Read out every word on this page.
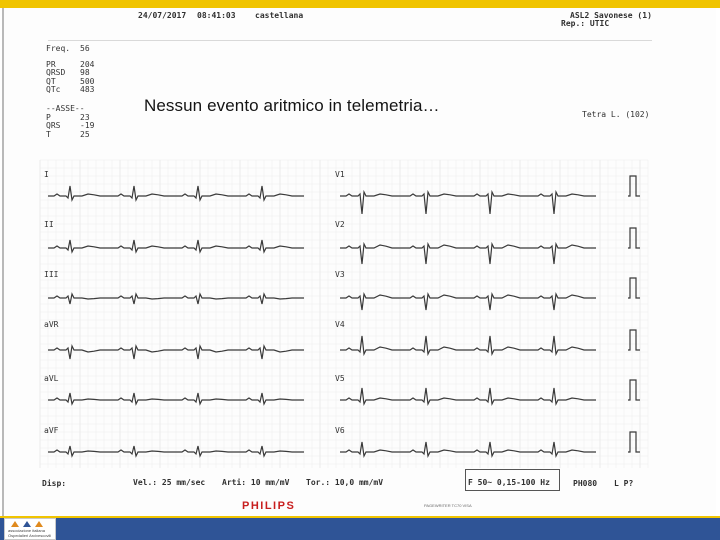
24/07/2017 08:41:03 castellana	ASL2 Savonese (1)
Rep.: UTIC
Tetra L. (102)
Freq. 56
PR	204
QRSD 98
QT	500
QTc 483
--ASSE--
P	23
QRS -19
T	25
Nessun evento aritmico in telemetria…
I
II
III
aVR
aVL
aVF
V1
V2
V3
V4
V5
V6
Disp:	Vel.: 25 mm/sec Arti: 10 mm/mV Tor.: 10,0 mm/mV	F 50~ 0,15-100 Hz	PH080 L P?
PHILIPS	PAGEWRITER TC70 VISA
associazione italiana
Ospedalieri Arcivescovili
